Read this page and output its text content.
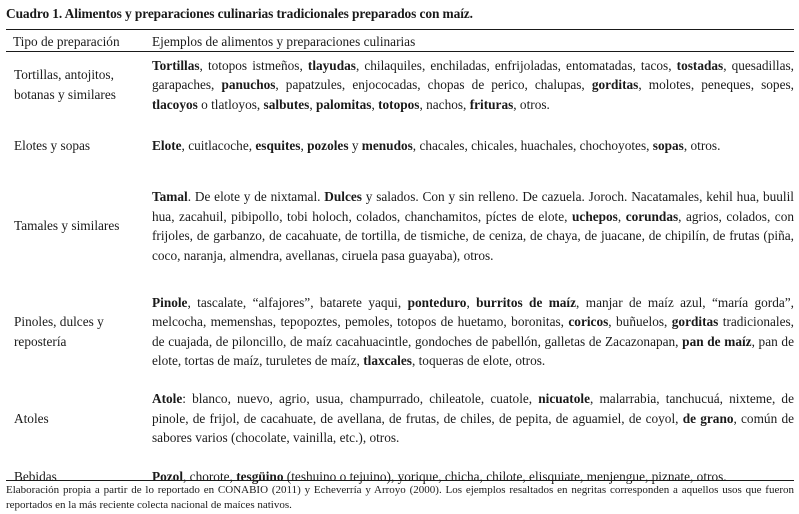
Cuadro 1. Alimentos y preparaciones culinarias tradicionales preparados con maíz.
Tipo de preparación	Ejemplos de alimentos y preparaciones culinarias
Tortillas, antojitos, botanas y similares	Tortillas, totopos istmeños, tlayudas, chilaquiles, enchiladas, enfrijoladas, entomatadas, tacos, tostadas, quesadillas, garapaches, panuchos, papatzules, enjococadas, chopas de perico, chalupas, gorditas, molotes, peneques, sopes, tlacoyos o tlatloyos, salbutes, palomitas, totopos, nachos, frituras, otros.
Elotes y sopas	Elote, cuitlacoche, esquites, pozoles y menudos, chacales, chicales, huachales, chochoyotes, sopas, otros.
Tamales y similares	Tamal. De elote y de nixtamal. Dulces y salados. Con y sin relleno. De cazuela. Joroch. Nacatamales, kehil hua, buulil hua, zacahuil, pibipollo, tobi holoch, colados, chanchamitos, píctes de elote, uchepos, corundas, agrios, colados, con frijoles, de garbanzo, de cacahuate, de tortilla, de tismiche, de ceniza, de chaya, de juacane, de chipilín, de frutas (piña, coco, naranja, almendra, avellanas, ciruela pasa guayaba), otros.
Pinoles, dulces y repostería	Pinole, tascalate, “alfajores”, batarete yaqui, ponteduro, burritos de maíz, manjar de maíz azul, “maría gorda”, melcocha, memenshas, tepopoztes, pemoles, totopos de huetamo, boronitas, coricos, buñuelos, gorditas tradicionales, de cuajada, de piloncillo, de maíz cacahuacintle, gondoches de pabellón, galletas de Zacazonapan, pan de maíz, pan de elote, tortas de maíz, turuletes de maíz, tlaxcales, toqueras de elote, otros.
Atoles	Atole: blanco, nuevo, agrio, usua, champurrado, chileatole, cuatole, nicuatole, malarrabia, tanchucuá, nixteme, de pinole, de frijol, de cacahuate, de avellana, de frutas, de chiles, de pepita, de aguamiel, de coyol, de grano, común de sabores varios (chocolate, vainilla, etc.), otros.
Bebidas	Pozol, chorote, tesgüino (teshuino o tejuino), yorique, chicha, chilote, elisquiate, menjengue, piznate, otros.
Elaboración propia a partir de lo reportado en CONABIO (2011) y Echeverría y Arroyo (2000). Los ejemplos resaltados en negritas corresponden a aquellos usos que fueron reportados en la más reciente colecta nacional de maíces nativos.
